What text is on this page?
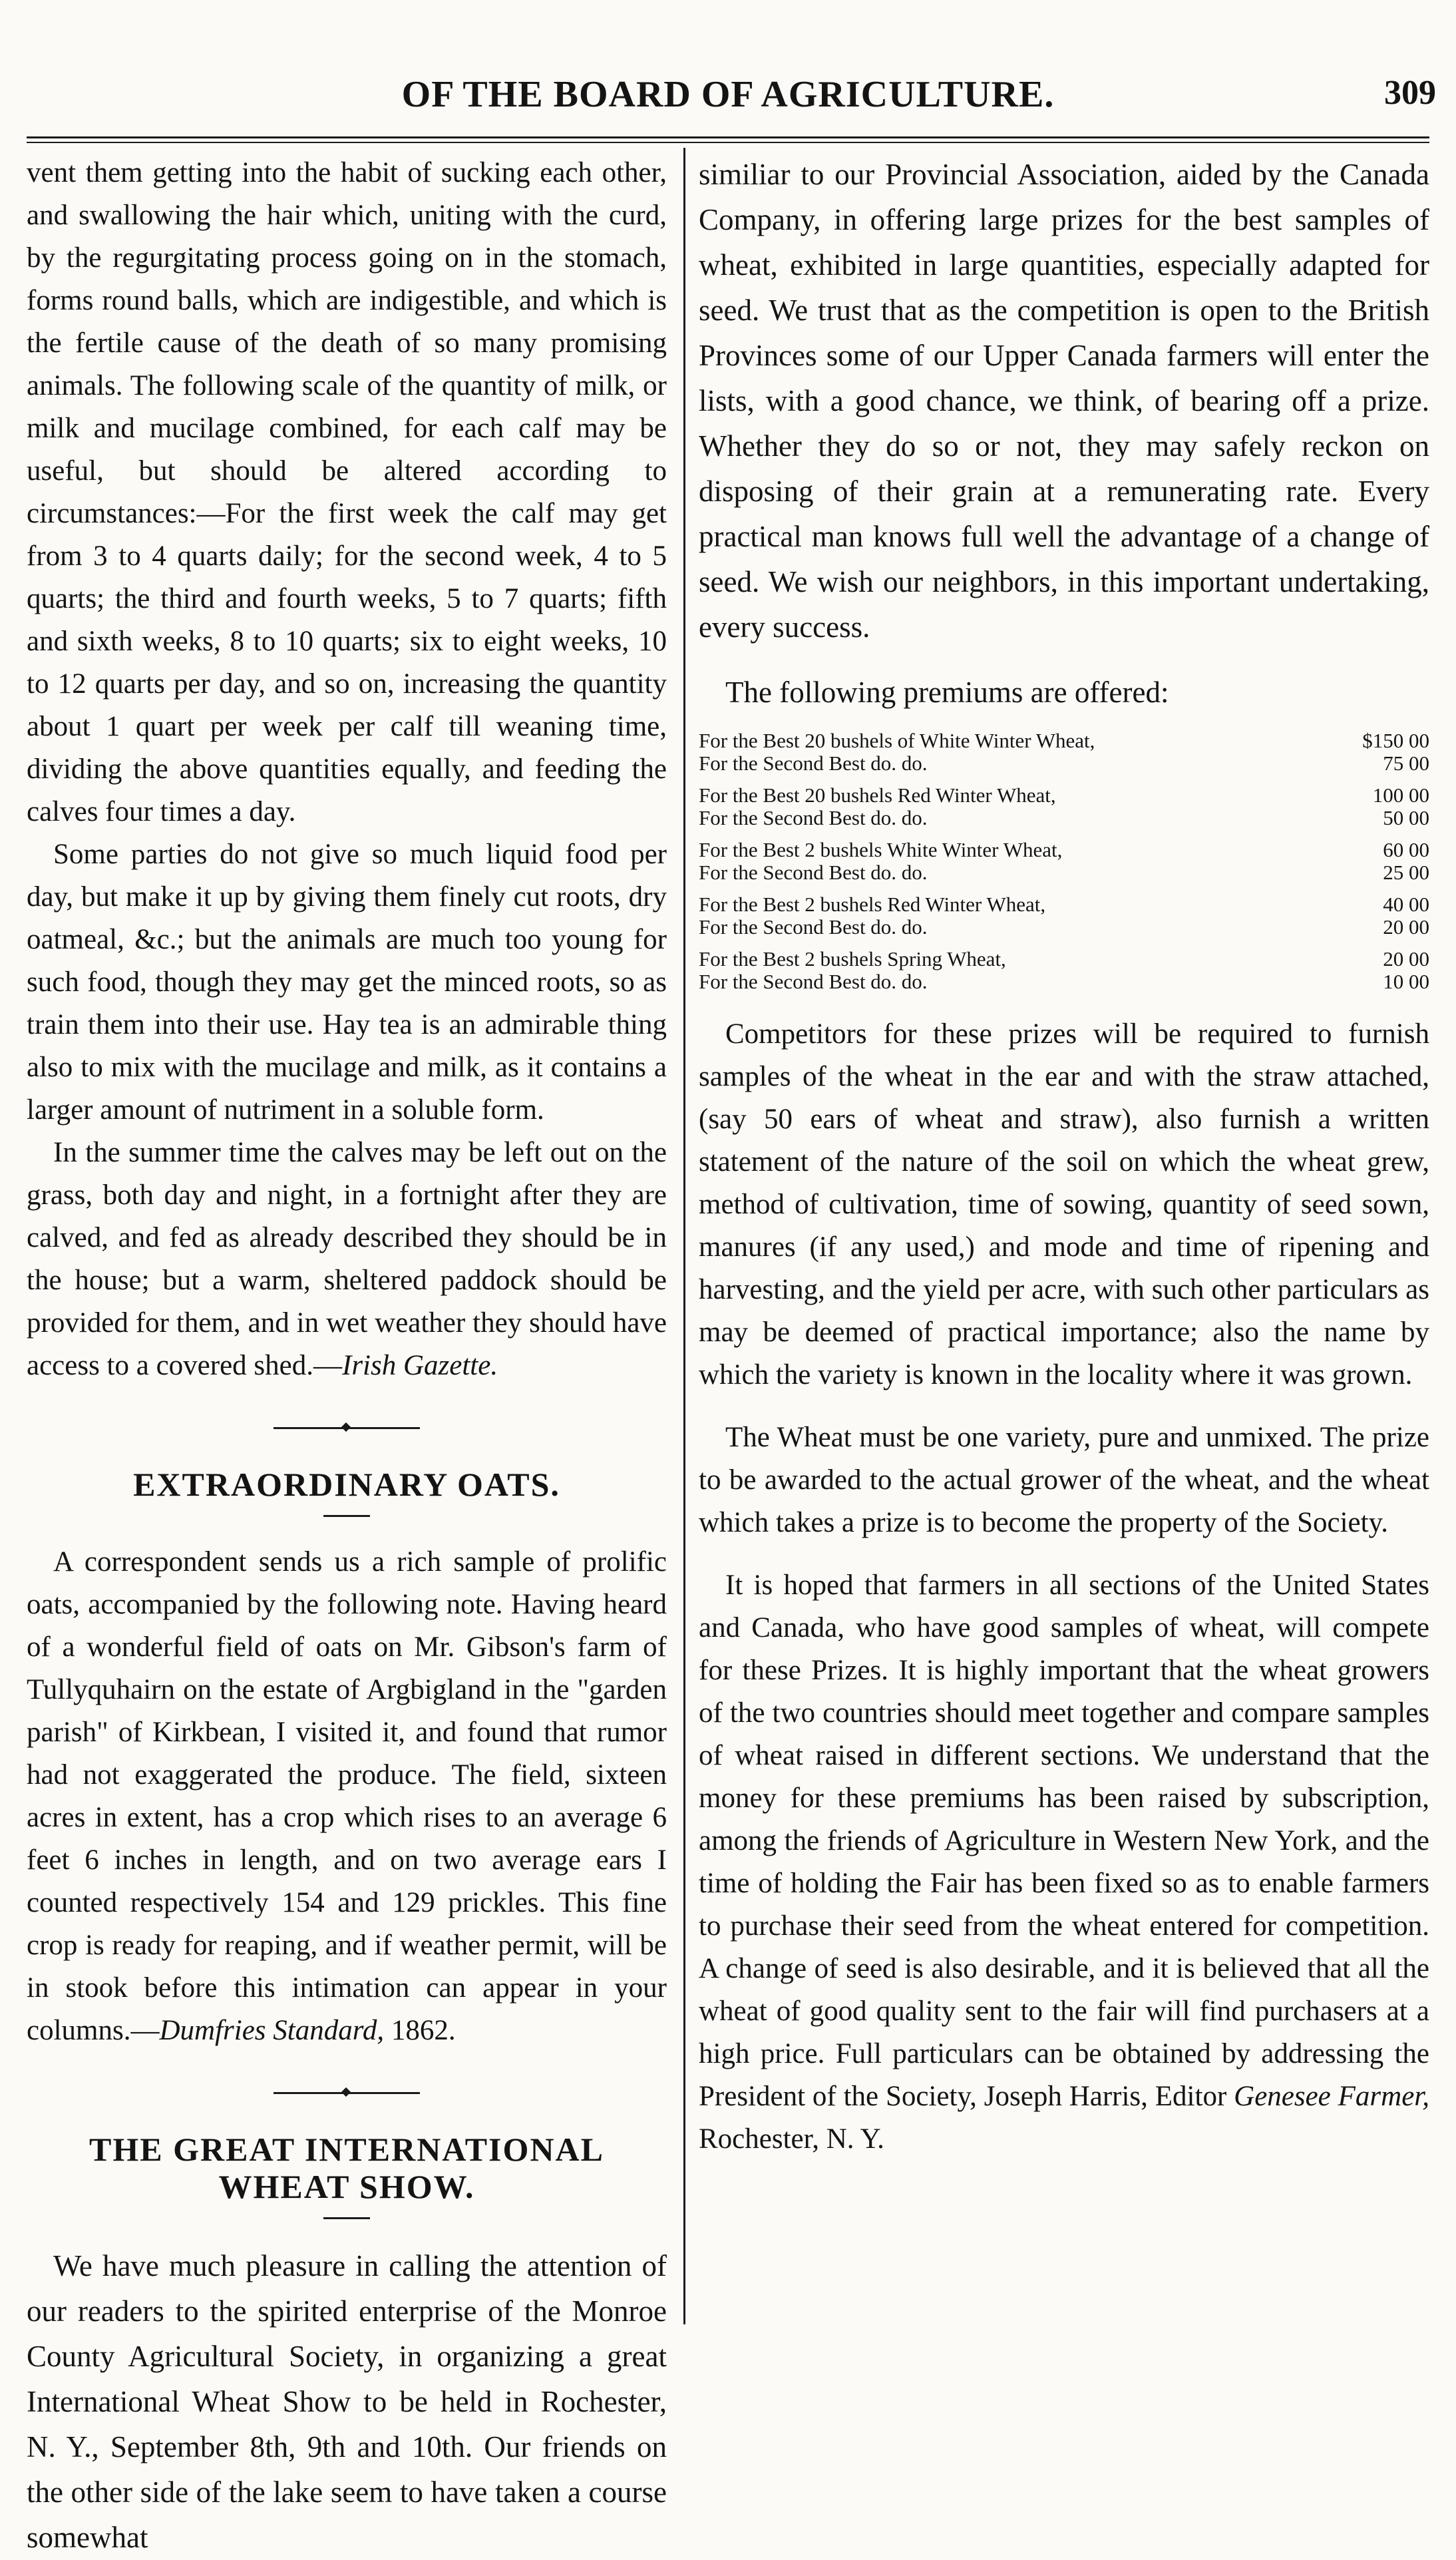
OF THE BOARD OF AGRICULTURE.	309

vent them getting into the habit of sucking each other, and swallowing the hair which, uniting with the curd, by the regurgitating process going on in the stomach, forms round balls, which are indigestible, and which is the fertile cause of the death of so many promising animals. The following scale of the quantity of milk, or milk and mucilage combined, for each calf may be useful, but should be altered according to circumstances:—For the first week the calf may get from 3 to 4 quarts daily; for the second week, 4 to 5 quarts; the third and fourth weeks, 5 to 7 quarts; fifth and sixth weeks, 8 to 10 quarts; six to eight weeks, 10 to 12 quarts per day, and so on, increasing the quantity about 1 quart per week per calf till weaning time, dividing the above quantities equally, and feeding the calves four times a day.

Some parties do not give so much liquid food per day, but make it up by giving them finely cut roots, dry oatmeal, &c.; but the animals are much too young for such food, though they may get the minced roots, so as train them into their use. Hay tea is an admirable thing also to mix with the mucilage and milk, as it contains a larger amount of nutriment in a soluble form.

In the summer time the calves may be left out on the grass, both day and night, in a fortnight after they are calved, and fed as already described they should be in the house; but a warm, sheltered paddock should be provided for them, and in wet weather they should have access to a covered shed.—Irish Gazette.

EXTRAORDINARY OATS.

A correspondent sends us a rich sample of prolific oats, accompanied by the following note. Having heard of a wonderful field of oats on Mr. Gibson's farm of Tullyquhairn on the estate of Argbigland in the "garden parish" of Kirkbean, I visited it, and found that rumor had not exaggerated the produce. The field, sixteen acres in extent, has a crop which rises to an average 6 feet 6 inches in length, and on two average ears I counted respectively 154 and 129 prickles. This fine crop is ready for reaping, and if weather permit, will be in stook before this intimation can appear in your columns.—Dumfries Standard, 1862.

THE GREAT INTERNATIONAL
WHEAT SHOW.

We have much pleasure in calling the attention of our readers to the spirited enterprise of the Monroe County Agricultural Society, in organizing a great International Wheat Show to be held in Rochester, N. Y., September 8th, 9th and 10th. Our friends on the other side of the lake seem to have taken a course somewhat

similiar to our Provincial Association, aided by the Canada Company, in offering large prizes for the best samples of wheat, exhibited in large quantities, especially adapted for seed. We trust that as the competition is open to the British Provinces some of our Upper Canada farmers will enter the lists, with a good chance, we think, of bearing off a prize. Whether they do so or not, they may safely reckon on disposing of their grain at a remunerating rate. Every practical man knows full well the advantage of a change of seed. We wish our neighbors, in this important undertaking, every success.

The following premiums are offered:

For the Best 20 bushels of White Winter Wheat,	$150 00
For the Second Best do. do.	75 00
For the Best 20 bushels Red Winter Wheat,	100 00
For the Second Best do. do.	50 00
For the Best 2 bushels White Winter Wheat,	60 00
For the Second Best do. do.	25 00
For the Best 2 bushels Red Winter Wheat,	40 00
For the Second Best do. do.	20 00
For the Best 2 bushels Spring Wheat,	20 00
For the Second Best do. do.	10 00

Competitors for these prizes will be required to furnish samples of the wheat in the ear and with the straw attached, (say 50 ears of wheat and straw), also furnish a written statement of the nature of the soil on which the wheat grew, method of cultivation, time of sowing, quantity of seed sown, manures (if any used,) and mode and time of ripening and harvesting, and the yield per acre, with such other particulars as may be deemed of practical importance; also the name by which the variety is known in the locality where it was grown.

The Wheat must be one variety, pure and unmixed. The prize to be awarded to the actual grower of the wheat, and the wheat which takes a prize is to become the property of the Society.

It is hoped that farmers in all sections of the United States and Canada, who have good samples of wheat, will compete for these Prizes. It is highly important that the wheat growers of the two countries should meet together and compare samples of wheat raised in different sections. We understand that the money for these premiums has been raised by subscription, among the friends of Agriculture in Western New York, and the time of holding the Fair has been fixed so as to enable farmers to purchase their seed from the wheat entered for competition. A change of seed is also desirable, and it is believed that all the wheat of good quality sent to the fair will find purchasers at a high price. Full particulars can be obtained by addressing the President of the Society, Joseph Harris, Editor Genesee Farmer, Rochester, N. Y.
